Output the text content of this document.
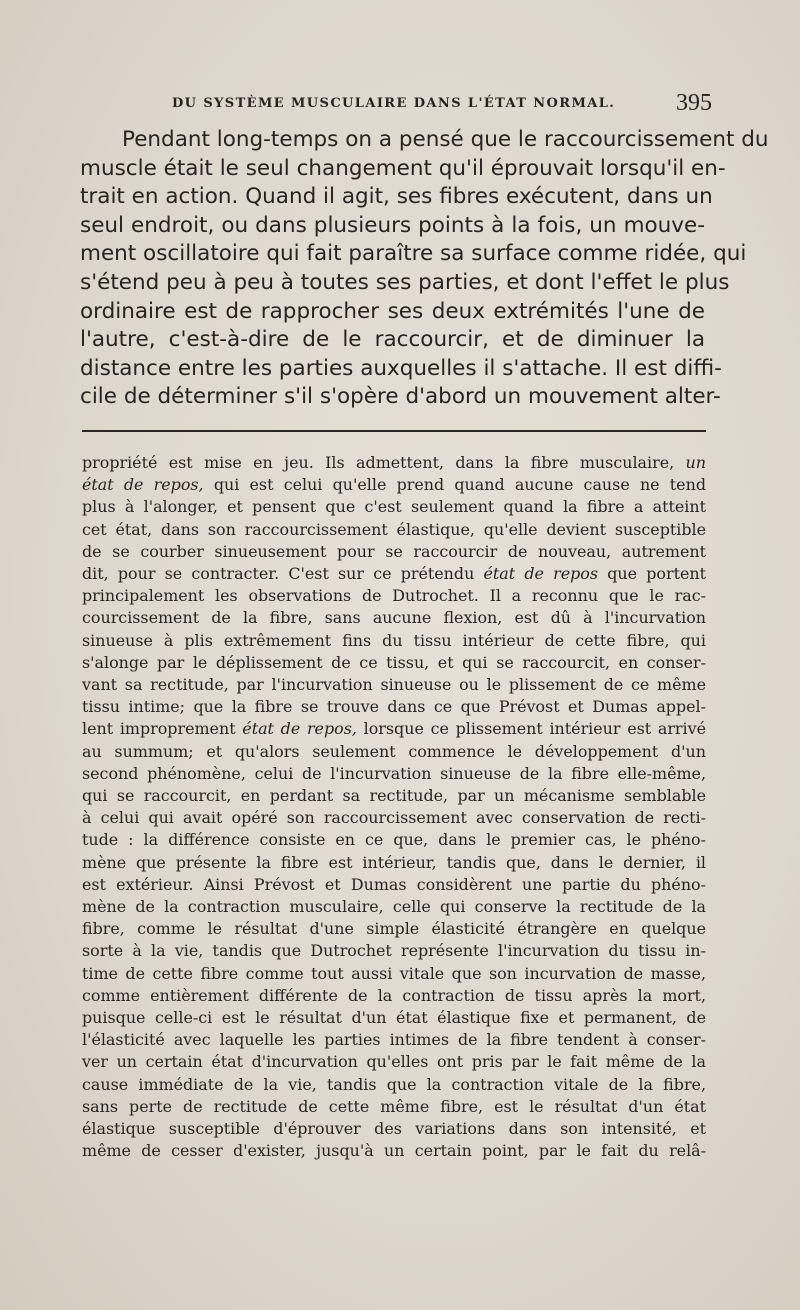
DU SYSTÈME MUSCULAIRE DANS L'ÉTAT NORMAL.	395
Pendant long-temps on a pensé que le raccourcissement du
muscle était le seul changement qu'il éprouvait lorsqu'il en-
trait en action. Quand il agit, ses fibres exécutent, dans un
seul endroit, ou dans plusieurs points à la fois, un mouve-
ment oscillatoire qui fait paraître sa surface comme ridée, qui
s'étend peu à peu à toutes ses parties, et dont l'effet le plus
ordinaire est de rapprocher ses deux extrémités l'une de
l'autre, c'est-à-dire de le raccourcir, et de diminuer la
distance entre les parties auxquelles il s'attache. Il est diffi-
cile de déterminer s'il s'opère d'abord un mouvement alter-
propriété est mise en jeu. Ils admettent, dans la fibre musculaire, un
état de repos, qui est celui qu'elle prend quand aucune cause ne tend
plus à l'alonger, et pensent que c'est seulement quand la fibre a atteint
cet état, dans son raccourcissement élastique, qu'elle devient susceptible
de se courber sinueusement pour se raccourcir de nouveau, autrement
dit, pour se contracter. C'est sur ce prétendu état de repos que portent
principalement les observations de Dutrochet. Il a reconnu que le rac-
courcissement de la fibre, sans aucune flexion, est dû à l'incurvation
sinueuse à plis extrêmement fins du tissu intérieur de cette fibre, qui
s'alonge par le déplissement de ce tissu, et qui se raccourcit, en conser-
vant sa rectitude, par l'incurvation sinueuse ou le plissement de ce même
tissu intime; que la fibre se trouve dans ce que Prévost et Dumas appel-
lent improprement état de repos, lorsque ce plissement intérieur est arrivé
au summum; et qu'alors seulement commence le développement d'un
second phénomène, celui de l'incurvation sinueuse de la fibre elle-même,
qui se raccourcit, en perdant sa rectitude, par un mécanisme semblable
à celui qui avait opéré son raccourcissement avec conservation de recti-
tude : la différence consiste en ce que, dans le premier cas, le phéno-
mène que présente la fibre est intérieur, tandis que, dans le dernier, il
est extérieur. Ainsi Prévost et Dumas considèrent une partie du phéno-
mène de la contraction musculaire, celle qui conserve la rectitude de la
fibre, comme le résultat d'une simple élasticité étrangère en quelque
sorte à la vie, tandis que Dutrochet représente l'incurvation du tissu in-
time de cette fibre comme tout aussi vitale que son incurvation de masse,
comme entièrement différente de la contraction de tissu après la mort,
puisque celle-ci est le résultat d'un état élastique fixe et permanent, de
l'élasticité avec laquelle les parties intimes de la fibre tendent à conser-
ver un certain état d'incurvation qu'elles ont pris par le fait même de la
cause immédiate de la vie, tandis que la contraction vitale de la fibre,
sans perte de rectitude de cette même fibre, est le résultat d'un état
élastique susceptible d'éprouver des variations dans son intensité, et
même de cesser d'exister, jusqu'à un certain point, par le fait du relâ-
